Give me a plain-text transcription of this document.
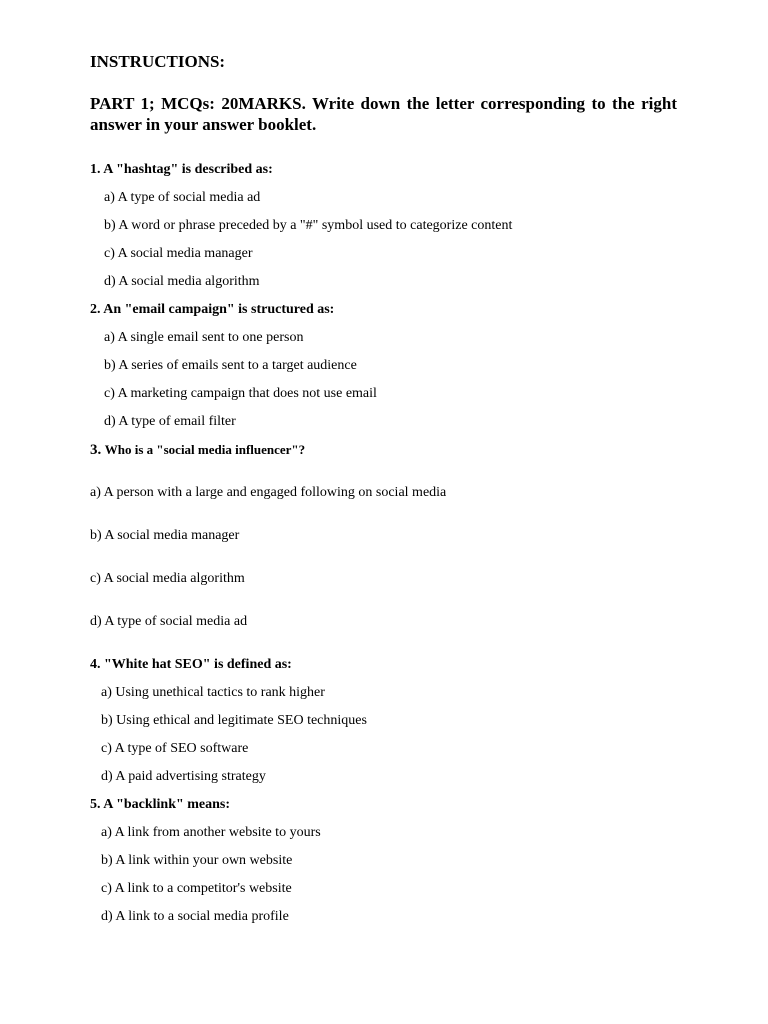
INSTRUCTIONS:
PART 1; MCQs: 20MARKS. Write down the letter corresponding to the right answer in your answer booklet.
1. A "hashtag" is described as:
a) A type of social media ad
b) A word or phrase preceded by a "#" symbol used to categorize content
c) A social media manager
d) A social media algorithm
2. An "email campaign" is structured as:
a) A single email sent to one person
b) A series of emails sent to a target audience
c) A marketing campaign that does not use email
d) A type of email filter
3. Who is a "social media influencer"?
a) A person with a large and engaged following on social media
b) A social media manager
c) A social media algorithm
d) A type of social media ad
4. "White hat SEO" is defined as:
a) Using unethical tactics to rank higher
b) Using ethical and legitimate SEO techniques
c) A type of SEO software
d) A paid advertising strategy
5. A "backlink" means:
a) A link from another website to yours
b) A link within your own website
c) A link to a competitor's website
d) A link to a social media profile
